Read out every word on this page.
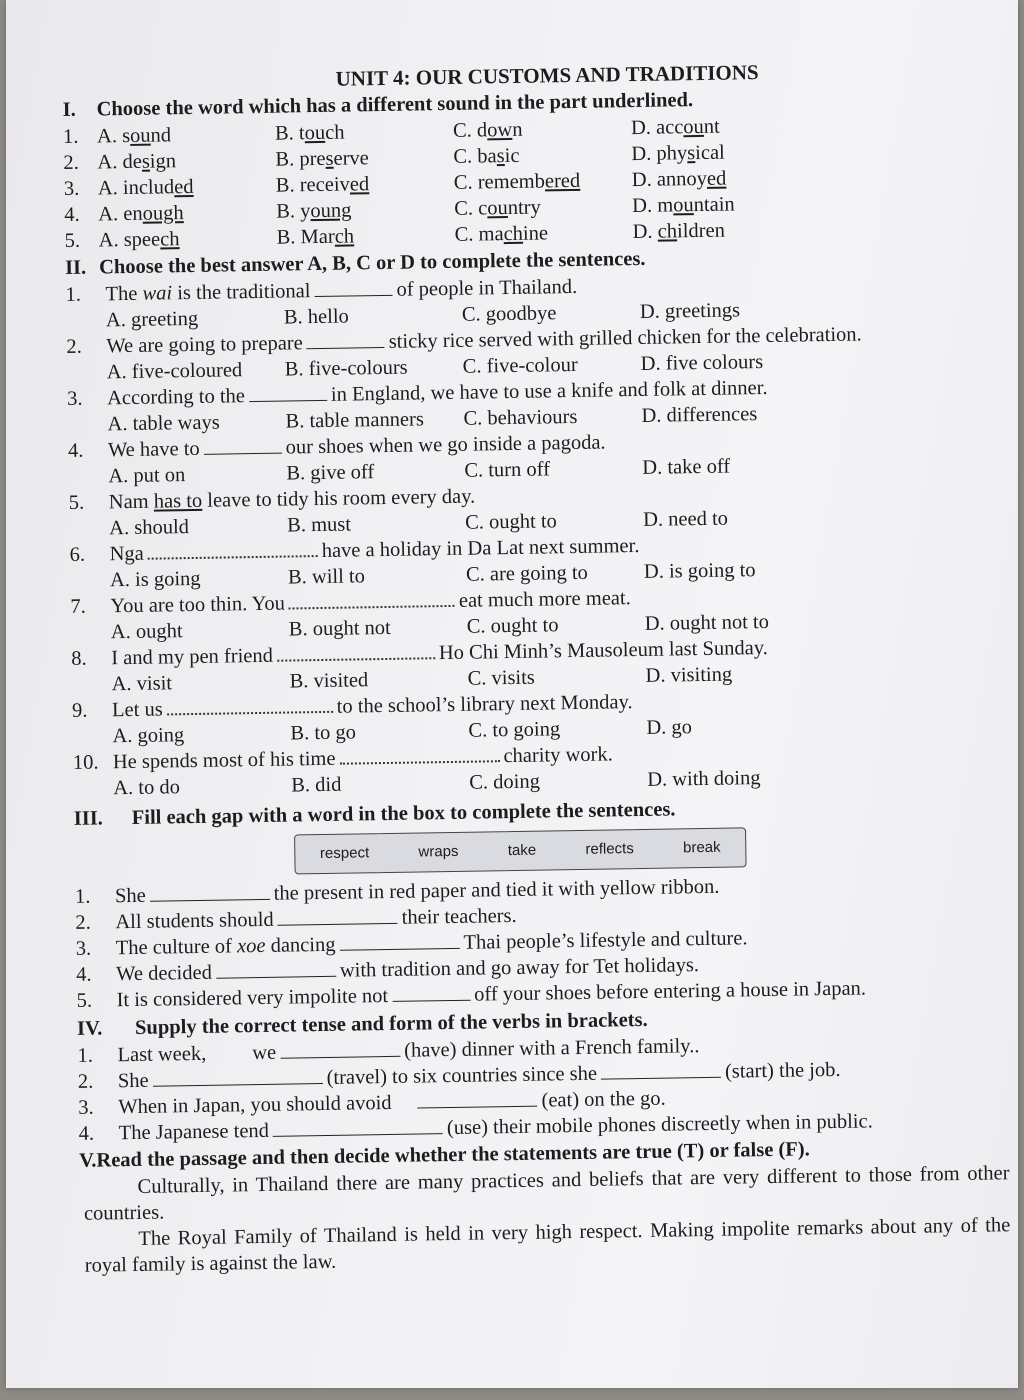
UNIT 4: OUR CUSTOMS AND TRADITIONS
I. Choose the word which has a different sound in the part underlined.
1. A. sound	B. touch	C. down	D. account
2. A. design	B. preserve	C. basic	D. physical
3. A. included	B. received	C. remembered	D. annoyed
4. A. enough	B. young	C. country	D. mountain
5. A. speech	B. March	C. machine	D. children
II. Choose the best answer A, B, C or D to complete the sentences.
1.	The wai is the traditional	of people in Thailand.
A. greeting	B. hello	C. goodbye	D. greetings
2.	We are going to prepare	sticky rice served with grilled chicken for the celebration.
A. five-coloured	B. five-colours	C. five-colour	D. five colours
3.	According to the	in England, we have to use a knife and folk at dinner.
A. table ways	B. table manners	C. behaviours	D. differences
4.	We have to	our shoes when we go inside a pagoda.
A. put on	B. give off	C. turn off	D. take off
5.	Nam has to leave to tidy his room every day.
A. should	B. must	C. ought to	D. need to
6.	Nga	have a holiday in Da Lat next summer.
A. is going	B. will to	C. are going to	D. is going to
7.	You are too thin. You	eat much more meat.
A. ought	B. ought not	C. ought to	D. ought not to
8.	I and my pen friend	Ho Chi Minh’s Mausoleum last Sunday.
A. visit	B. visited	C. visits	D. visiting
9.	Let us	to the school’s library next Monday.
A. going	B. to go	C. to going	D. go
10. He spends most of his time	charity work.
A. to do	B. did	C. doing	D. with doing
III. Fill each gap with a word in the box to complete the sentences.
respect	wraps	take	reflects	break
1.	She	the present in red paper and tied it with yellow ribbon.
2.	All students should	their teachers.
3.	The culture of xoe dancing	Thai people’s lifestyle and culture.
4.	We decided	with tradition and go away for Tet holidays.
5.	It is considered very impolite not	off your shoes before entering a house in Japan.
IV. Supply the correct tense and form of the verbs in brackets.
1.	Last week, we	(have) dinner with a French family..
2.	She	(travel) to six countries since she	(start) the job.
3.	When in Japan, you should avoid	(eat) on the go.
4.	The Japanese tend	(use) their mobile phones discreetly when in public.
V.Read the passage and then decide whether the statements are true (T) or false (F).
Culturally, in Thailand there are many practices and beliefs that are very different to those from other countries.
The Royal Family of Thailand is held in very high respect. Making impolite remarks about any of the royal family is against the law.
